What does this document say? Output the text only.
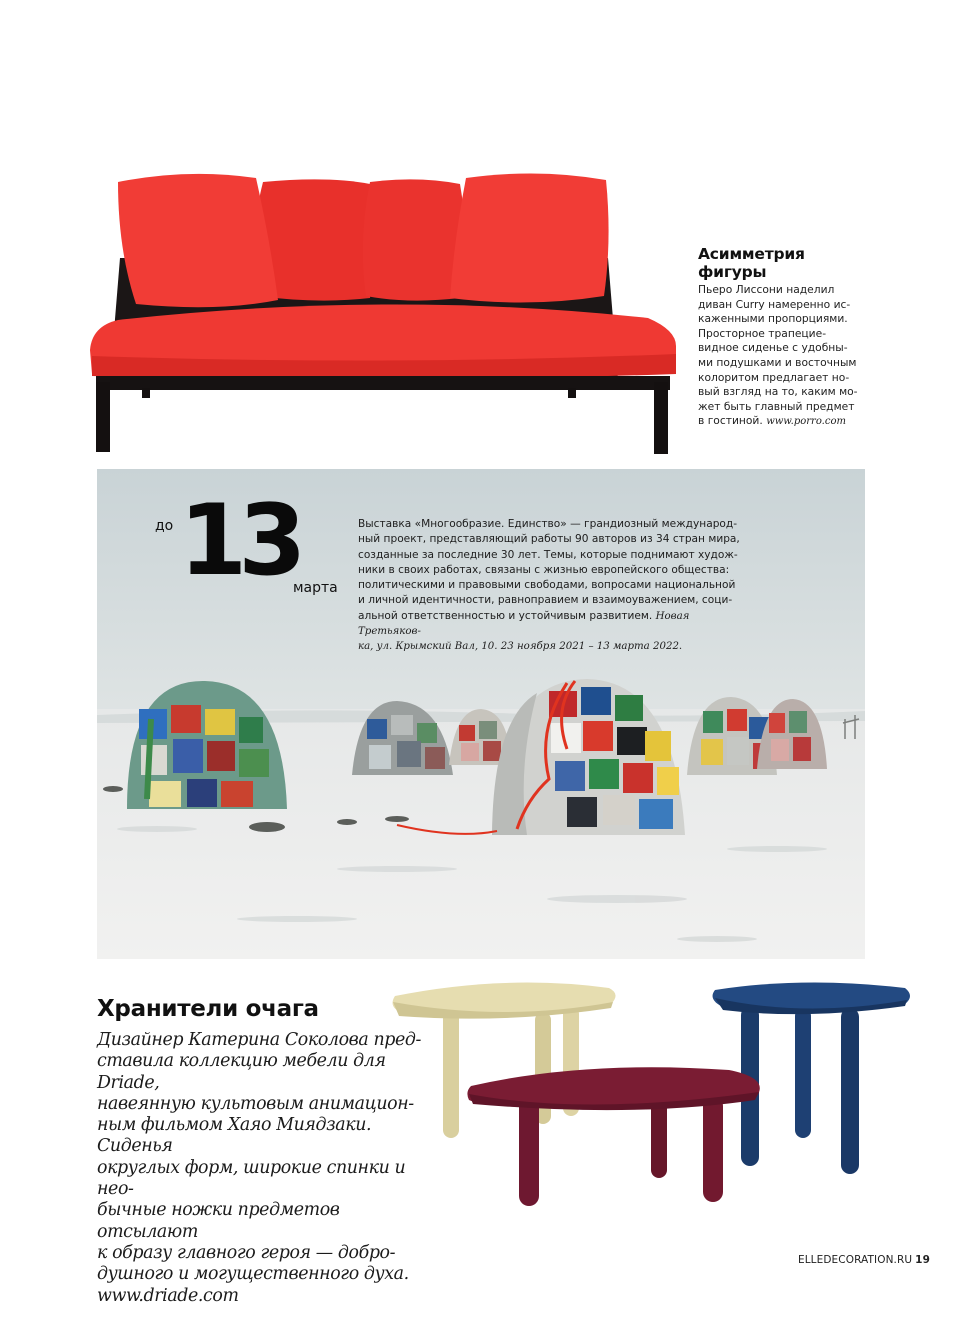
Асимметрия фигуры

Пьеро Лиссони наделил
диван Curry намеренно ис-
каженными пропорциями.
Просторное трапецие-
видное сиденье с удобны-
ми подушками и восточным
колоритом предлагает но-
вый взгляд на то, каким мо-
жет быть главный предмет
в гостиной. www.porro.com

до 13
марта

Выставка «Многообразие. Единство» — грандиозный международ-
ный проект, представляющий работы 90 авторов из 34 стран мира,
созданные за последние 30 лет. Темы, которые поднимают худож-
ники в своих работах, связаны с жизнью европейского общества:
политическими и правовыми свободами, вопросами национальной
и личной идентичности, равноправием и взаимоуважением, соци-
альной ответственностью и устойчивым развитием. Новая Третьяков-
ка, ул. Крымский Вал, 10. 23 ноября 2021 – 13 марта 2022.

Хранители очага

Дизайнер Катерина Соколова пред-
ставила коллекцию мебели для Driade,
навеянную культовым анимацион-
ным фильмом Хаяо Миядзаки. Сиденья
округлых форм, широкие спинки и нео-
бычные ножки предметов отсылают
к образу главного героя — добро-
душного и могущественного духа.
www.driade.com

ELLEDECORATION.RU 19
